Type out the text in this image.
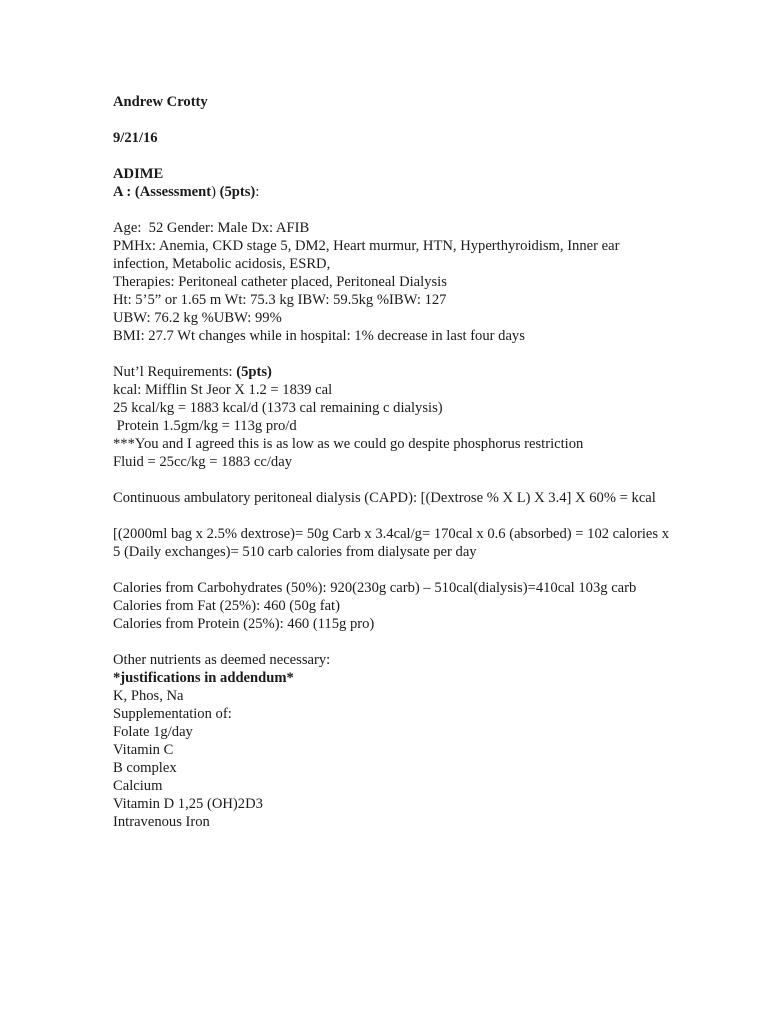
Andrew Crotty

9/21/16

ADIME

A : (Assessment) (5pts):

Age:  52 Gender: Male Dx: AFIB

PMHx: Anemia, CKD stage 5, DM2, Heart murmur, HTN, Hyperthyroidism, Inner ear infection, Metabolic acidosis, ESRD,

Therapies: Peritoneal catheter placed, Peritoneal Dialysis

Ht: 5’5” or 1.65 m Wt: 75.3 kg IBW: 59.5kg %IBW: 127

UBW: 76.2 kg %UBW: 99%

BMI: 27.7 Wt changes while in hospital: 1% decrease in last four days

Nut’l Requirements: (5pts)

kcal: Mifflin St Jeor X 1.2 = 1839 cal

25 kcal/kg = 1883 kcal/d (1373 cal remaining c dialysis)

Protein 1.5gm/kg = 113g pro/d

***You and I agreed this is as low as we could go despite phosphorus restriction

Fluid = 25cc/kg = 1883 cc/day

Continuous ambulatory peritoneal dialysis (CAPD): [(Dextrose % X L) X 3.4] X 60% = kcal

[(2000ml bag x 2.5% dextrose)= 50g Carb x 3.4cal/g= 170cal x 0.6 (absorbed) = 102 calories x 5 (Daily exchanges)= 510 carb calories from dialysate per day

Calories from Carbohydrates (50%): 920(230g carb) – 510cal(dialysis)=410cal 103g carb

Calories from Fat (25%): 460 (50g fat)

Calories from Protein (25%): 460 (115g pro)

Other nutrients as deemed necessary:

*justifications in addendum*

K, Phos, Na

Supplementation of:

Folate 1g/day

Vitamin C

B complex

Calcium

Vitamin D 1,25 (OH)2D3

Intravenous Iron
